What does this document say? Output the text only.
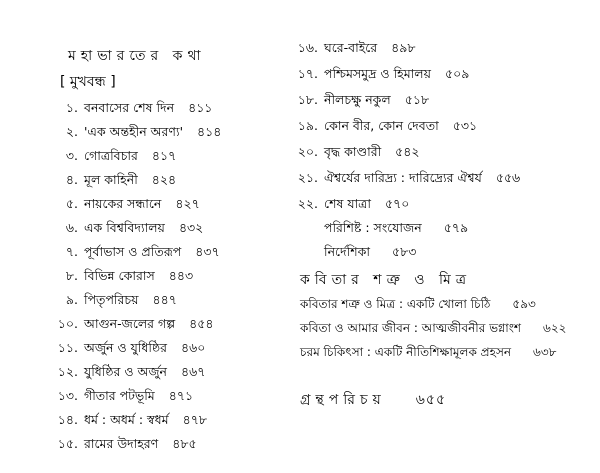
মহাভারতের কথা
[ মুখবন্ধ ]
১. বনবাসের শেষ দিন ৪১১
২. 'এক অন্তহীন অরণ্য' ৪১৪
৩. গোত্রবিচার ৪১৭
৪. মূল কাহিনী ৪২৪
৫. নায়কের সন্ধানে ৪২৭
৬. এক বিশ্ববিদ্যালয় ৪৩২
৭. পূর্বাভাস ও প্রতিরূপ ৪৩৭
৮. বিভিন্ন কোরাস ৪৪৩
৯. পিতৃপরিচয় ৪৪৭
১০. আগুন-জলের গল্প ৪৫৪
১১. অর্জুন ও যুধিষ্ঠির ৪৬০
১২. যুধিষ্ঠির ও অর্জুন ৪৬৭
১৩. গীতার পটভূমি ৪৭১
১৪. ধর্ম : অধর্ম : স্বধর্ম ৪৭৮
১৫. রামের উদাহরণ ৪৮৫
১৬. ঘরে-বাইরে ৪৯৮
১৭. পশ্চিমসমুদ্র ও হিমালয় ৫০৯
১৮. নীলচক্ষু নকুল ৫১৮
১৯. কোন বীর, কোন দেবতা ৫৩১
২০. বৃদ্ধ কাণ্ডারী ৫৪২
২১. ঐশ্বর্যের দারিদ্র্য : দারিদ্র্যের ঐশ্বর্য ৫৫৬
২২. শেষ যাত্রা ৫৭০
পরিশিষ্ট : সংযোজন ৫৭৯
নির্দেশিকা ৫৮৩
কবিতার শত্রু ও মিত্র
কবিতার শত্রু ও মিত্র : একটি খোলা চিঠি ৫৯৩
কবিতা ও আমার জীবন : আত্মজীবনীর ভগ্নাংশ ৬২২
চরম চিকিৎসা : একটি নীতিশিক্ষামূলক প্রহসন ৬৩৮
গ্রন্থপরিচয় ৬৫৫
